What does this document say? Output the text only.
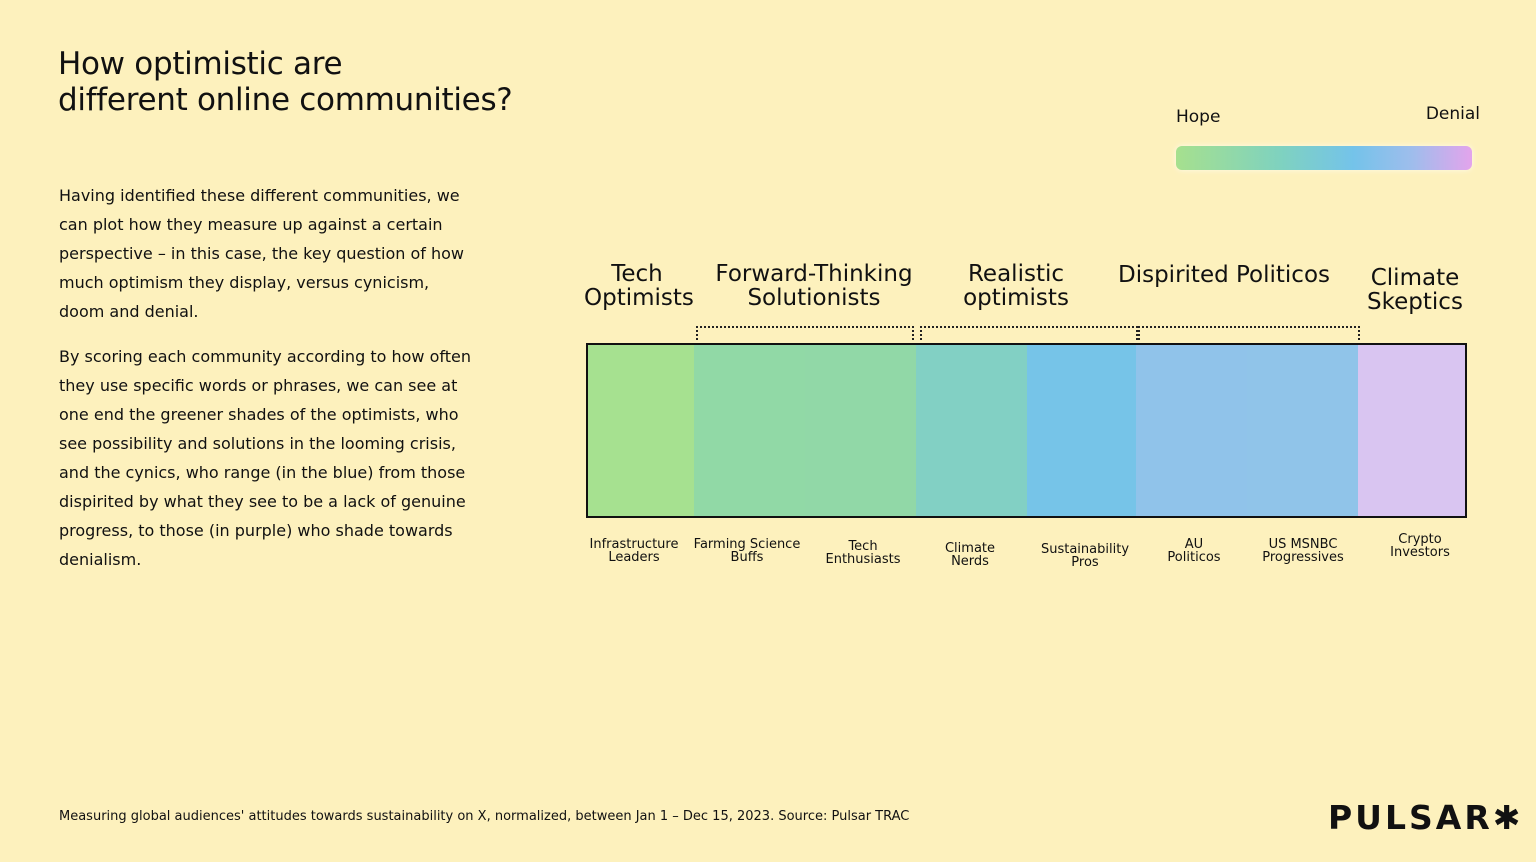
How optimistic are
different online communities?

Having identified these different communities, we can plot how they measure up against a certain perspective – in this case, the key question of how much optimism they display, versus cynicism, doom and denial.

By scoring each community according to how often they use specific words or phrases, we can see at one end the greener shades of the optimists, who see possibility and solutions in the looming crisis, and the cynics, who range (in the blue) from those dispirited by what they see to be a lack of genuine progress, to those (in purple) who shade towards denialism.

Hope	Denial
Tech
Optimists
Forward-Thinking
Solutionists
Realistic
optimists
Dispirited Politicos Climate
Skeptics
Infrastructure
Leaders
Farming Science
Buffs
Tech
Enthusiasts
Climate
Nerds
Sustainability
Pros
AU
Politicos
US MSNBC
Progressives
Crypto
Investors
Measuring global audiences' attitudes towards sustainability on X, normalized, between Jan 1 – Dec 15, 2023. Source: Pulsar TRAC	PULSAR✱
